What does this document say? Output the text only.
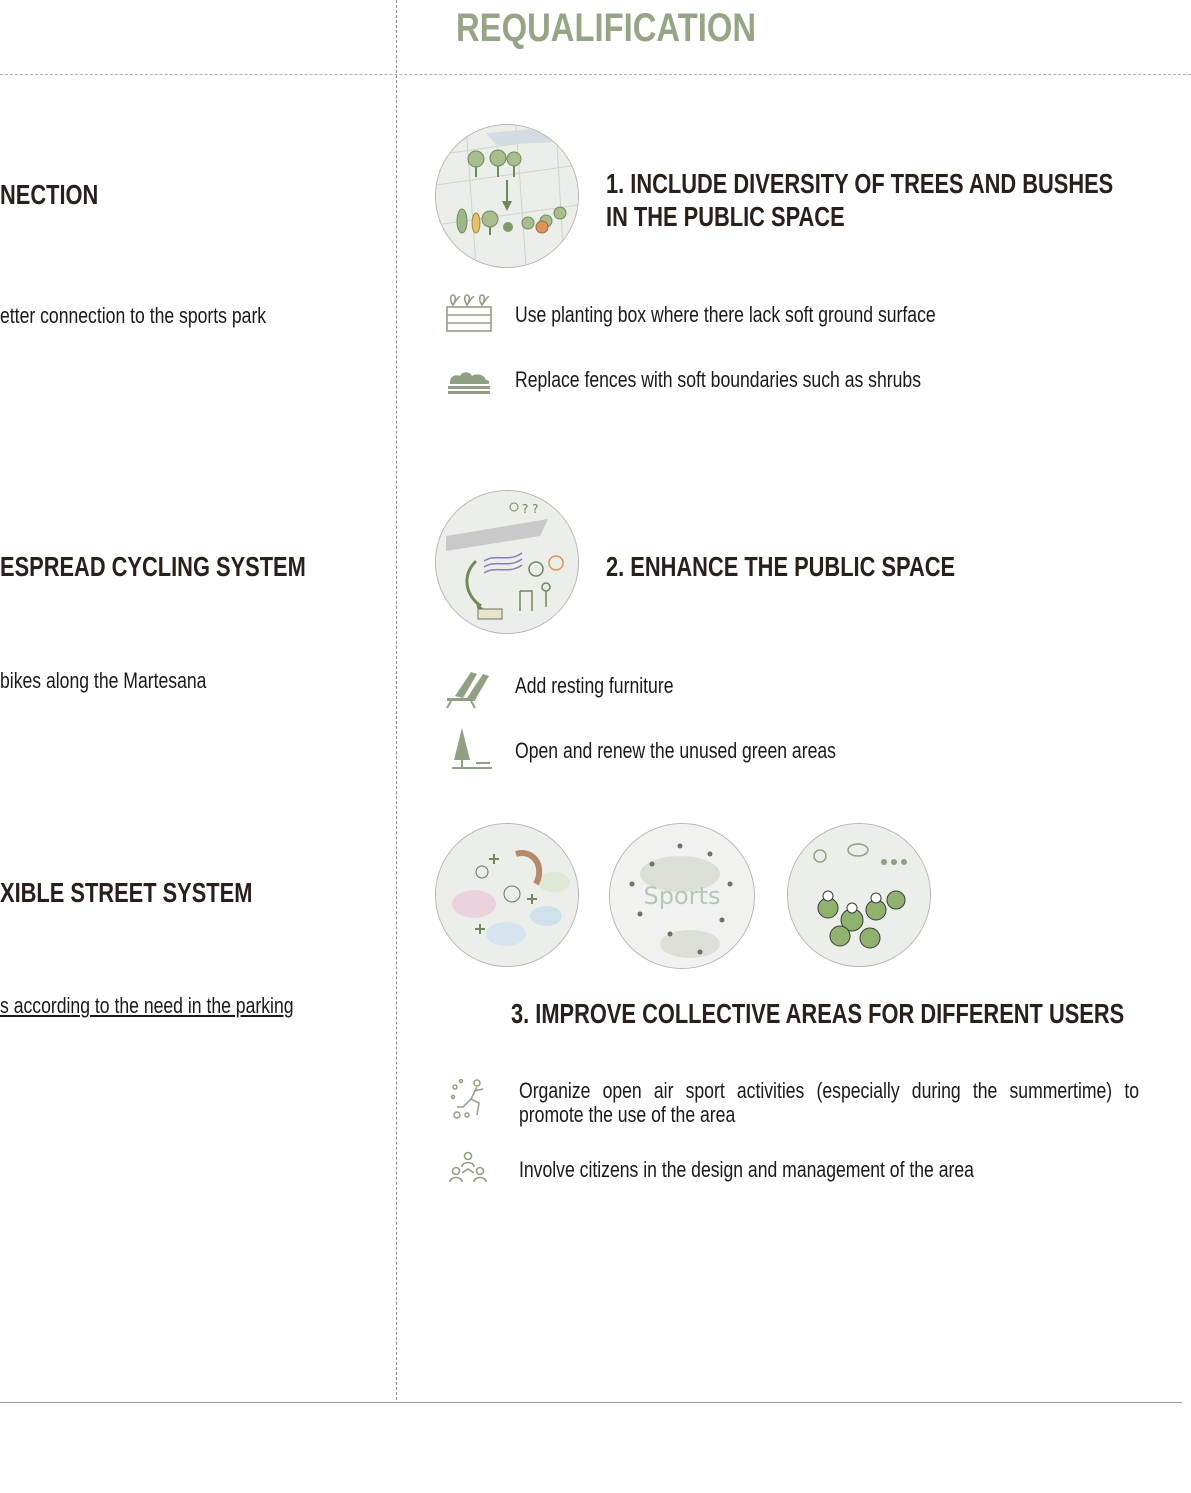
REQUALIFICATION
NECTION
etter connection to the sports park
ESPREAD CYCLING SYSTEM
bikes along the Martesana
XIBLE STREET SYSTEM
s according to the need in the parking
1. INCLUDE DIVERSITY OF TREES AND BUSHES
IN THE PUBLIC SPACE
Use planting box where there lack soft ground surface
Replace fences with soft boundaries such as shrubs
? ?
2. ENHANCE THE PUBLIC SPACE
Add resting furniture
Open and renew the unused green areas
Sports
3. IMPROVE COLLECTIVE AREAS FOR DIFFERENT USERS
Organize open air sport activities (especially during the summertime) to promote the use of the area
Involve citizens in the design and management of the area
